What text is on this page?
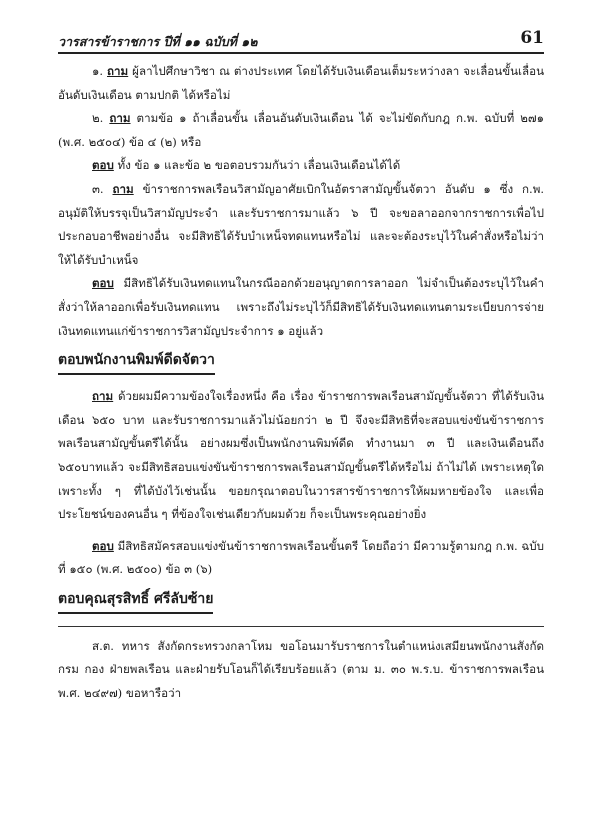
วารสารข้าราชการ ปีที่ ๑๑ ฉบับที่ ๑๒	61

๑. ถาม ผู้ลาไปศึกษาวิชา ณ ต่างประเทศ โดยได้รับเงินเดือนเต็มระหว่างลา จะเลื่อนขั้นเลื่อนอันดับเงินเดือน ตามปกติ ได้หรือไม่

๒. ถาม ตามข้อ ๑ ถ้าเลื่อนขั้น เลื่อนอันดับเงินเดือน ได้ จะไม่ขัดกับกฎ ก.พ. ฉบับที่ ๒๗๑ (พ.ศ. ๒๕๐๔) ข้อ ๔ (๒) หรือ

ตอบ ทั้ง ข้อ ๑ และข้อ ๒ ขอตอบรวมกันว่า เลื่อนเงินเดือนได้ได้

๓. ถาม ข้าราชการพลเรือนวิสามัญอาศัยเบิกในอัตราสามัญขั้นจัตวา อันดับ ๑ ซึ่ง ก.พ. อนุมัติให้บรรจุเป็นวิสามัญประจำ และรับราชการมาแล้ว ๖ ปี จะขอลาออกจากราชการเพื่อไปประกอบอาชีพอย่างอื่น จะมีสิทธิได้รับบำเหน็จทดแทนหรือไม่ และจะต้องระบุไว้ในคำสั่งหรือไม่ว่าให้ได้รับบำเหน็จ

ตอบ มีสิทธิได้รับเงินทดแทนในกรณีออกด้วยอนุญาตการลาออก ไม่จำเป็นต้องระบุไว้ในคำสั่งว่าให้ลาออกเพื่อรับเงินทดแทน เพราะถึงไม่ระบุไว้ก็มีสิทธิได้รับเงินทดแทนตามระเบียบการจ่ายเงินทดแทนแก่ข้าราชการวิสามัญประจำการ ๑ อยู่แล้ว

ตอบพนักงานพิมพ์ดีดจัตวา

ถาม ด้วยผมมีความข้องใจเรื่องหนึ่ง คือ เรื่อง ข้าราชการพลเรือนสามัญขั้นจัตวา ที่ได้รับเงินเดือน ๖๕๐ บาท และรับราชการมาแล้วไม่น้อยกว่า ๒ ปี จึงจะมีสิทธิที่จะสอบแข่งขันข้าราชการพลเรือนสามัญขั้นตรีได้นั้น อย่างผมซึ่งเป็นพนักงานพิมพ์ดีด ทำงานมา ๓ ปี และเงินเดือนถึง ๖๕๐บาทแล้ว จะมีสิทธิสอบแข่งขันข้าราชการพลเรือนสามัญขั้นตรีได้หรือไม่ ถ้าไม่ได้ เพราะเหตุใด เพราะทั้ง ๆ ที่ได้บังไว้เช่นนั้น ขอยกรุณาตอบในวารสารข้าราชการให้ผมหายข้องใจ และเพื่อประโยชน์ของคนอื่น ๆ ที่ข้องใจเช่นเดียวกับผมด้วย ก็จะเป็นพระคุณอย่างยิ่ง

ตอบ มีสิทธิสมัครสอบแข่งขันข้าราชการพลเรือนขั้นตรี โดยถือว่า มีความรู้ตามกฎ ก.พ. ฉบับที่ ๑๕๐ (พ.ศ. ๒๕๐๐) ข้อ ๓ (๖)

ตอบคุณสุรสิทธิ์ ศรีลับซ้าย

ส.ต. ทหาร สังกัดกระทรวงกลาโหม ขอโอนมารับราชการในตำแหน่งเสมียนพนักงานสังกัดกรม กอง ฝ่ายพลเรือน และฝ่ายรับโอนก็ได้เรียบร้อยแล้ว (ตาม ม. ๓๐ พ.ร.บ. ข้าราชการพลเรือน พ.ศ. ๒๔๙๗) ขอหารือว่า
